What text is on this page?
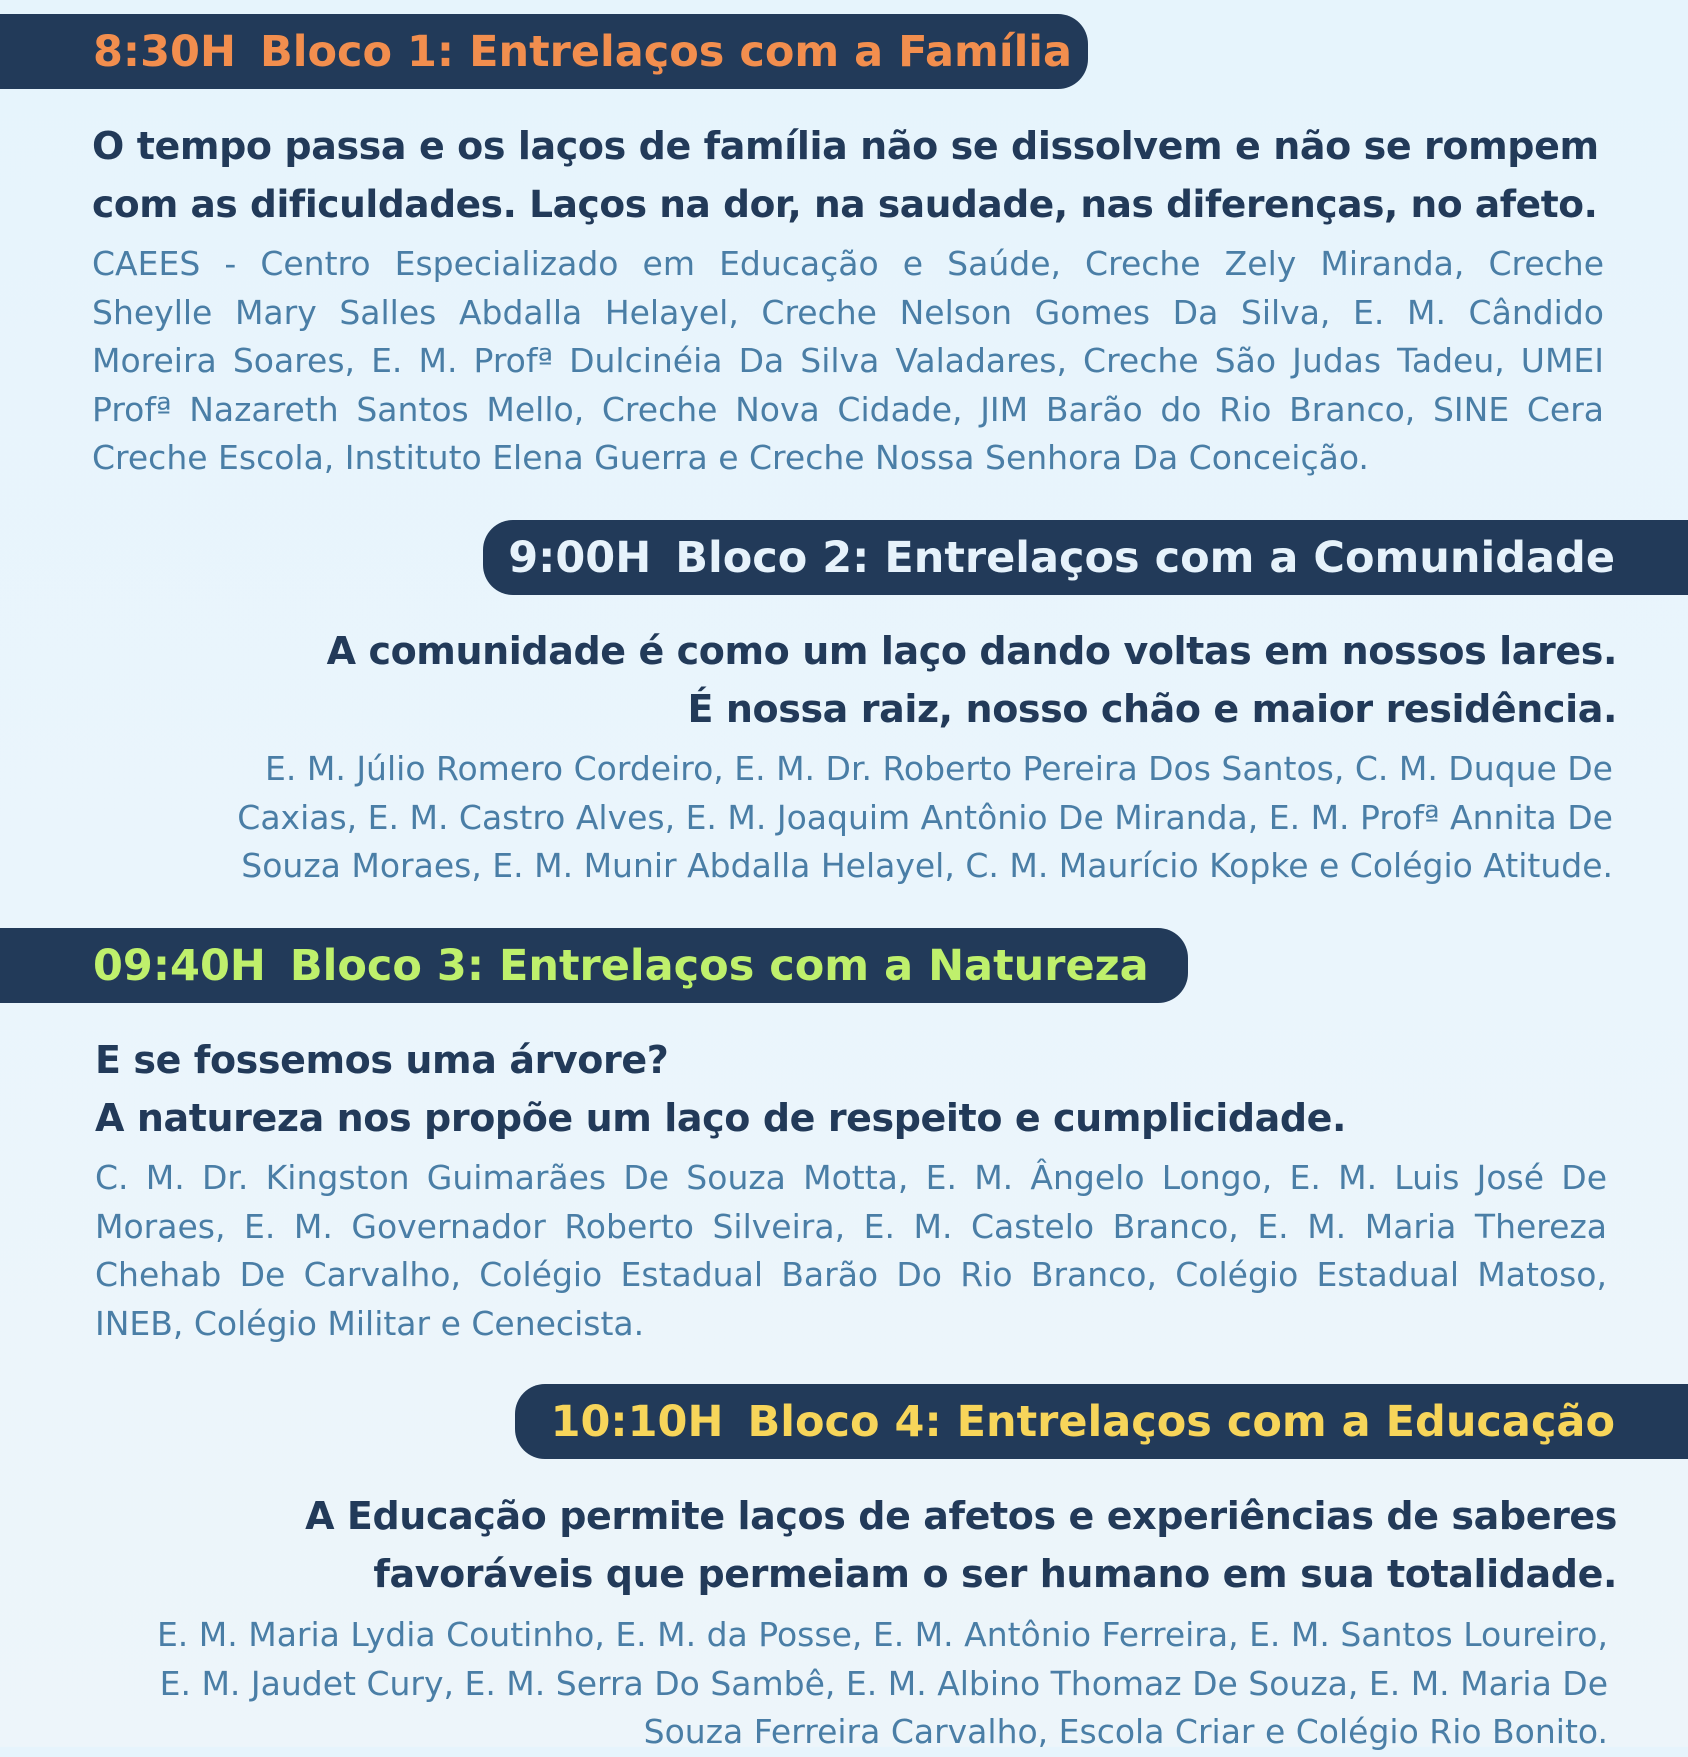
8:30H Bloco 1: Entrelaços com a Família
O tempo passa e os laços de família não se dissolvem e não se rompem
com as dificuldades. Laços na dor, na saudade, nas diferenças, no afeto.
CAEES - Centro Especializado em Educação e Saúde, Creche Zely Miranda, Creche
Sheylle Mary Salles Abdalla Helayel, Creche Nelson Gomes Da Silva, E. M. Cândido
Moreira Soares, E. M. Profª Dulcinéia Da Silva Valadares, Creche São Judas Tadeu, UMEI
Profª Nazareth Santos Mello, Creche Nova Cidade, JIM Barão do Rio Branco, SINE Cera
Creche Escola, Instituto Elena Guerra e Creche Nossa Senhora Da Conceição.
9:00H Bloco 2: Entrelaços com a Comunidade
A comunidade é como um laço dando voltas em nossos lares.
É nossa raiz, nosso chão e maior residência.
E. M. Júlio Romero Cordeiro, E. M. Dr. Roberto Pereira Dos Santos, C. M. Duque De
Caxias, E. M. Castro Alves, E. M. Joaquim Antônio De Miranda, E. M. Profª Annita De
Souza Moraes, E. M. Munir Abdalla Helayel, C. M. Maurício Kopke e Colégio Atitude.
09:40H Bloco 3: Entrelaços com a Natureza
E se fossemos uma árvore?
A natureza nos propõe um laço de respeito e cumplicidade.
C. M. Dr. Kingston Guimarães De Souza Motta, E. M. Ângelo Longo, E. M. Luis José De
Moraes, E. M. Governador Roberto Silveira, E. M. Castelo Branco, E. M. Maria Thereza
Chehab De Carvalho, Colégio Estadual Barão Do Rio Branco, Colégio Estadual Matoso,
INEB, Colégio Militar e Cenecista.
10:10H Bloco 4: Entrelaços com a Educação
A Educação permite laços de afetos e experiências de saberes
favoráveis que permeiam o ser humano em sua totalidade.
E. M. Maria Lydia Coutinho, E. M. da Posse, E. M. Antônio Ferreira, E. M. Santos Loureiro,
E. M. Jaudet Cury, E. M. Serra Do Sambê, E. M. Albino Thomaz De Souza, E. M. Maria De
Souza Ferreira Carvalho, Escola Criar e Colégio Rio Bonito.
